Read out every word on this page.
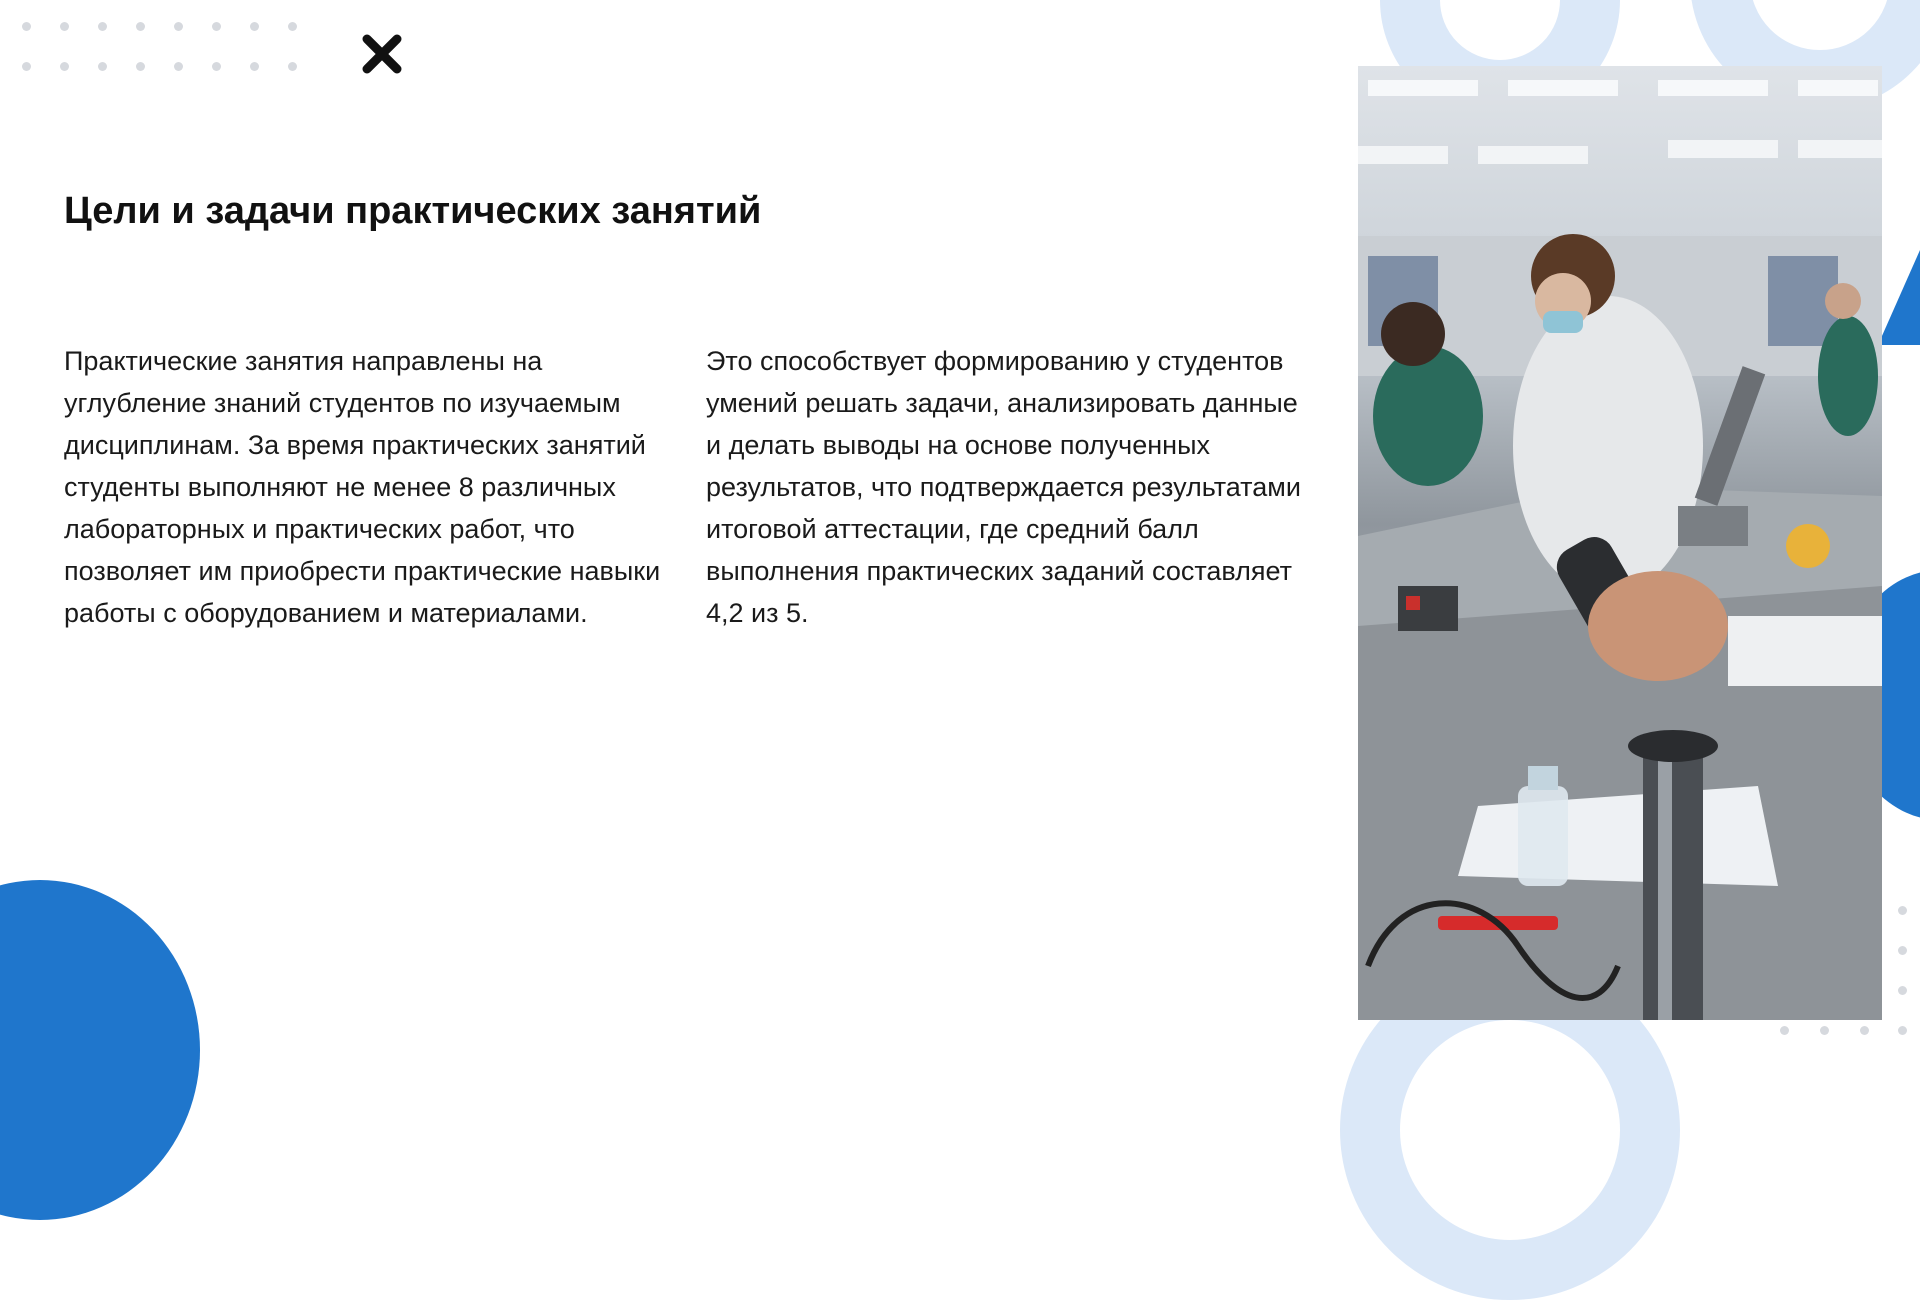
Цели и задачи практических занятий

Практические занятия направлены на углубление знаний студентов по изучаемым дисциплинам. За время практических занятий студенты выполняют не менее 8 различных лабораторных и практических работ, что позволяет им приобрести практические навыки работы с оборудованием и материалами.

Это способствует формированию у студентов умений решать задачи, анализировать данные и делать выводы на основе полученных результатов, что подтверждается результатами итоговой аттестации, где средний балл выполнения практических заданий составляет 4,2 из 5.
